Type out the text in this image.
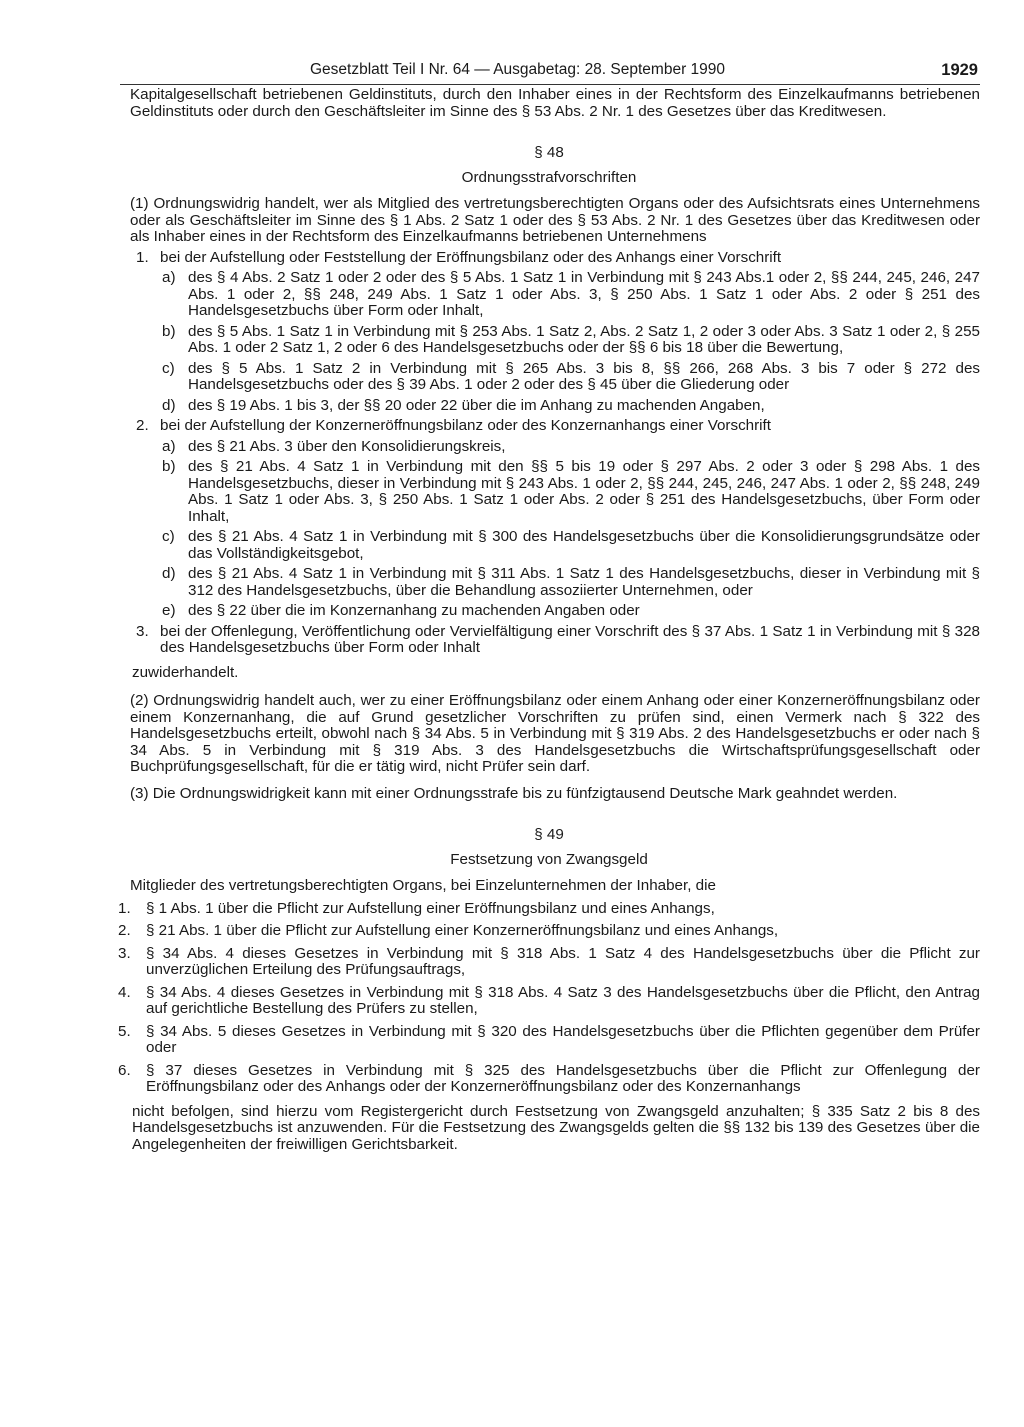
Gesetzblatt Teil I Nr. 64 — Ausgabetag: 28. September 1990	1929

Kapitalgesellschaft betriebenen Geldinstituts, durch den Inhaber eines in der Rechtsform des Einzelkaufmanns betriebenen Geldinstituts oder durch den Geschäftsleiter im Sinne des § 53 Abs. 2 Nr. 1 des Gesetzes über das Kreditwesen.

§ 48
Ordnungsstrafvorschriften

(1) Ordnungswidrig handelt, wer als Mitglied des vertretungsberechtigten Organs oder des Aufsichtsrats eines Unternehmens oder als Geschäftsleiter im Sinne des § 1 Abs. 2 Satz 1 oder des § 53 Abs. 2 Nr. 1 des Gesetzes über das Kreditwesen oder als Inhaber eines in der Rechtsform des Einzelkaufmanns betriebenen Unternehmens

1. bei der Aufstellung oder Feststellung der Eröffnungsbilanz oder des Anhangs einer Vorschrift

a) des § 4 Abs. 2 Satz 1 oder 2 oder des § 5 Abs. 1 Satz 1 in Verbindung mit § 243 Abs.1 oder 2, §§ 244, 245, 246, 247 Abs. 1 oder 2, §§ 248, 249 Abs. 1 Satz 1 oder Abs. 3, § 250 Abs. 1 Satz 1 oder Abs. 2 oder § 251 des Handelsgesetzbuchs über Form oder Inhalt,

b) des § 5 Abs. 1 Satz 1 in Verbindung mit § 253 Abs. 1 Satz 2, Abs. 2 Satz 1, 2 oder 3 oder Abs. 3 Satz 1 oder 2, § 255 Abs. 1 oder 2 Satz 1, 2 oder 6 des Handelsgesetzbuchs oder der §§ 6 bis 18 über die Bewertung,

c) des § 5 Abs. 1 Satz 2 in Verbindung mit § 265 Abs. 3 bis 8, §§ 266, 268 Abs. 3 bis 7 oder § 272 des Handelsgesetzbuchs oder des § 39 Abs. 1 oder 2 oder des § 45 über die Gliederung oder

d) des § 19 Abs. 1 bis 3, der §§ 20 oder 22 über die im Anhang zu machenden Angaben,

2. bei der Aufstellung der Konzerneröffnungsbilanz oder des Konzernanhangs einer Vorschrift

a) des § 21 Abs. 3 über den Konsolidierungskreis,

b) des § 21 Abs. 4 Satz 1 in Verbindung mit den §§ 5 bis 19 oder § 297 Abs. 2 oder 3 oder § 298 Abs. 1 des Handelsgesetzbuchs, dieser in Verbindung mit § 243 Abs. 1 oder 2, §§ 244, 245, 246, 247 Abs. 1 oder 2, §§ 248, 249 Abs. 1 Satz 1 oder Abs. 3, § 250 Abs. 1 Satz 1 oder Abs. 2 oder § 251 des Handelsgesetzbuchs, über Form oder Inhalt,

c) des § 21 Abs. 4 Satz 1 in Verbindung mit § 300 des Handelsgesetzbuchs über die Konsolidierungsgrundsätze oder das Vollständigkeitsgebot,

d) des § 21 Abs. 4 Satz 1 in Verbindung mit § 311 Abs. 1 Satz 1 des Handelsgesetzbuchs, dieser in Verbindung mit § 312 des Handelsgesetzbuchs, über die Behandlung assoziierter Unternehmen, oder

e) des § 22 über die im Konzernanhang zu machenden Angaben oder

3. bei der Offenlegung, Veröffentlichung oder Vervielfältigung einer Vorschrift des § 37 Abs. 1 Satz 1 in Verbindung mit § 328 des Handelsgesetzbuchs über Form oder Inhalt

zuwiderhandelt.

(2) Ordnungswidrig handelt auch, wer zu einer Eröffnungsbilanz oder einem Anhang oder einer Konzerneröffnungsbilanz oder einem Konzernanhang, die auf Grund gesetzlicher Vorschriften zu prüfen sind, einen Vermerk nach § 322 des Handelsgesetzbuchs erteilt, obwohl nach § 34 Abs. 5 in Verbindung mit § 319 Abs. 2 des Handelsgesetzbuchs er oder nach § 34 Abs. 5 in Verbindung mit § 319 Abs. 3 des Handelsgesetzbuchs die Wirtschaftsprüfungsgesellschaft oder Buchprüfungsgesellschaft, für die er tätig wird, nicht Prüfer sein darf.

(3) Die Ordnungswidrigkeit kann mit einer Ordnungsstrafe bis zu fünfzigtausend Deutsche Mark geahndet werden.

§ 49
Festsetzung von Zwangsgeld

Mitglieder des vertretungsberechtigten Organs, bei Einzelunternehmen der Inhaber, die

1. § 1 Abs. 1 über die Pflicht zur Aufstellung einer Eröffnungsbilanz und eines Anhangs,

2. § 21 Abs. 1 über die Pflicht zur Aufstellung einer Konzerneröffnungsbilanz und eines Anhangs,

3. § 34 Abs. 4 dieses Gesetzes in Verbindung mit § 318 Abs. 1 Satz 4 des Handelsgesetzbuchs über die Pflicht zur unverzüglichen Erteilung des Prüfungsauftrags,

4. § 34 Abs. 4 dieses Gesetzes in Verbindung mit § 318 Abs. 4 Satz 3 des Handelsgesetzbuchs über die Pflicht, den Antrag auf gerichtliche Bestellung des Prüfers zu stellen,

5. § 34 Abs. 5 dieses Gesetzes in Verbindung mit § 320 des Handelsgesetzbuchs über die Pflichten gegenüber dem Prüfer oder

6. § 37 dieses Gesetzes in Verbindung mit § 325 des Handelsgesetzbuchs über die Pflicht zur Offenlegung der Eröffnungsbilanz oder des Anhangs oder der Konzerneröffnungsbilanz oder des Konzernanhangs

nicht befolgen, sind hierzu vom Registergericht durch Festsetzung von Zwangsgeld anzuhalten; § 335 Satz 2 bis 8 des Handelsgesetzbuchs ist anzuwenden. Für die Festsetzung des Zwangsgelds gelten die §§ 132 bis 139 des Gesetzes über die Angelegenheiten der freiwilligen Gerichtsbarkeit.
